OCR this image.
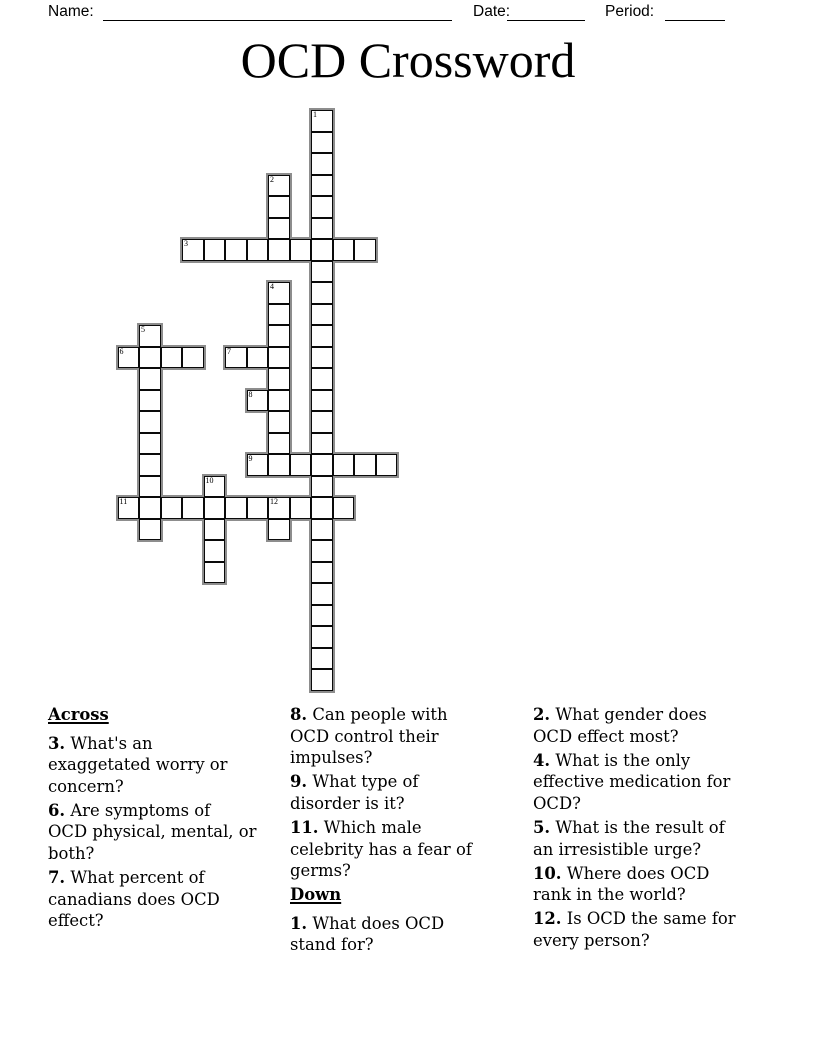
Name:	Date:	Period:
OCD Crossword
1
2
3
4
5
6	7
8
9
10
11	12
Across
3. What's an
exaggetated worry or
concern?
6. Are symptoms of
OCD physical, mental, or
both?
7. What percent of
canadians does OCD
effect?
8. Can people with
OCD control their
impulses?
9. What type of
disorder is it?
11. Which male
celebrity has a fear of
germs?
Down
1. What does OCD
stand for?
2. What gender does
OCD effect most?
4. What is the only
effective medication for
OCD?
5. What is the result of
an irresistible urge?
10. Where does OCD
rank in the world?
12. Is OCD the same for
every person?
